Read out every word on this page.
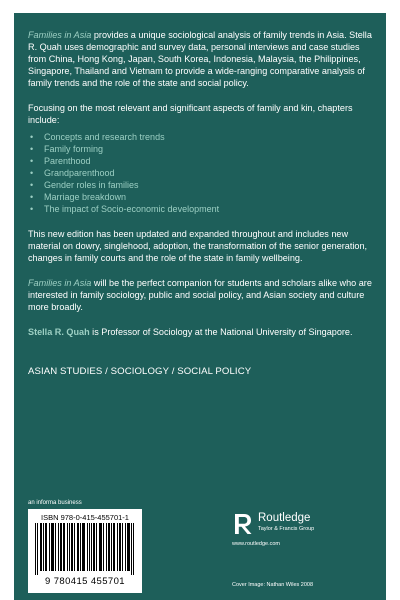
Families in Asia provides a unique sociological analysis of family trends in Asia. Stella R. Quah uses demographic and survey data, personal interviews and case studies from China, Hong Kong, Japan, South Korea, Indonesia, Malaysia, the Philippines, Singapore, Thailand and Vietnam to provide a wide-ranging comparative analysis of family trends and the role of the state and social policy.

Focusing on the most relevant and significant aspects of family and kin, chapters include:

• Concepts and research trends
• Family forming
• Parenthood
• Grandparenthood
• Gender roles in families
• Marriage breakdown
• The impact of Socio-economic development

This new edition has been updated and expanded throughout and includes new material on dowry, singlehood, adoption, the transformation of the senior generation, changes in family courts and the role of the state in family wellbeing.

Families in Asia will be the perfect companion for students and scholars alike who are interested in family sociology, public and social policy, and Asian society and culture more broadly.

Stella R. Quah is Professor of Sociology at the National University of Singapore.

ASIAN STUDIES / SOCIOLOGY / SOCIAL POLICY

an informa business
ISBN 978-0-415-455701-1
9 780415 455701
Routledge
Taylor & Francis Group
www.routledge.com
Cover Image: Nathan Wiles 2008
